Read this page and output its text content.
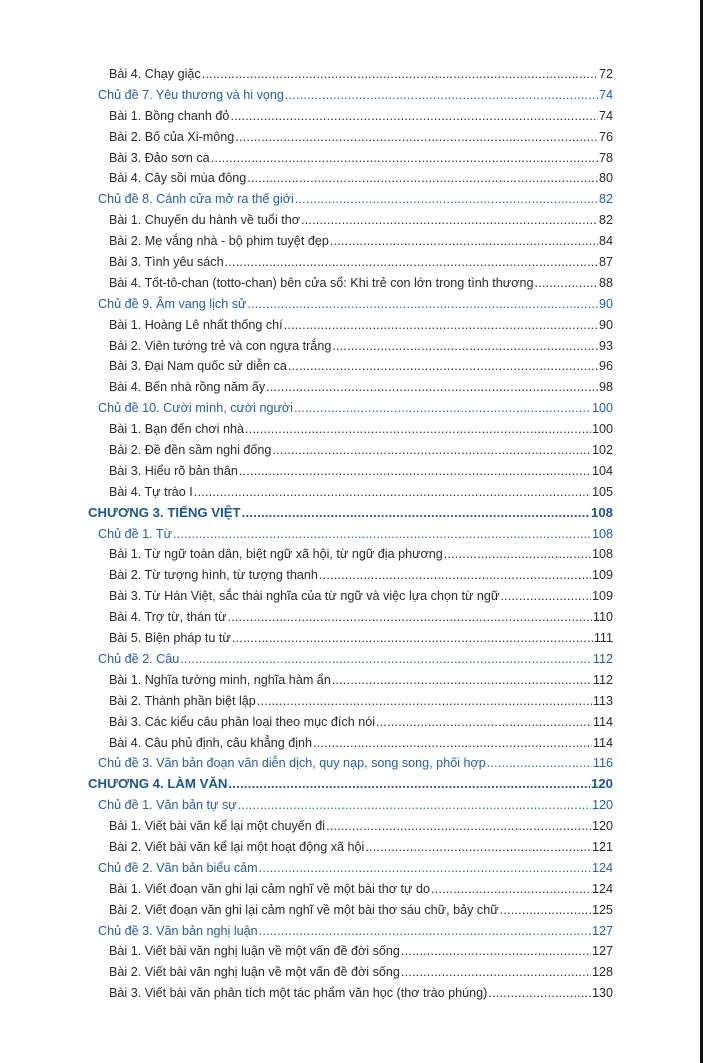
Bài 4. Chạy giặc .....	72
Chủ đề 7. Yêu thương và hi vọng .....	74
Bài 1. Bồng chanh đỏ .....	74
Bài 2. Bố của Xi-mông .....	76
Bài 3. Đảo sơn ca .....	78
Bài 4. Cây sồi mùa đông .....	80
Chủ đề 8. Cánh cửa mở ra thế giới .....	82
Bài 1. Chuyến du hành về tuổi thơ .....	82
Bài 2. Mẹ vắng nhà - bộ phim tuyệt đẹp .....	84
Bài 3. Tình yêu sách .....	87
Bài 4. Tốt-tô-chan (totto-chan) bên cửa sổ: Khi trẻ con lớn trong tình thương .....	88
Chủ đề 9. Âm vang lịch sử .....	90
Bài 1. Hoàng Lê nhất thống chí .....	90
Bài 2. Viên tướng trẻ và con ngựa trắng .....	93
Bài 3. Đại Nam quốc sử diễn ca .....	96
Bài 4. Bến nhà rồng năm ấy .....	98
Chủ đề 10. Cười mình, cười người .....	100
Bài 1. Bạn đến chơi nhà .....	100
Bài 2. Đề đền sầm nghi đống .....	102
Bài 3. Hiểu rõ bản thân .....	104
Bài 4. Tự trào I .....	105
CHƯƠNG 3. TIẾNG VIỆT .....	108
Chủ đề 1. Từ .....	108
Bài 1. Từ ngữ toàn dân, biệt ngữ xã hội, từ ngữ địa phương .....	108
Bài 2. Từ tượng hình, từ tượng thanh .....	109
Bài 3. Từ Hán Việt, sắc thái nghĩa của từ ngữ và việc lựa chọn từ ngữ .....	109
Bài 4. Trợ từ, thán từ .....	110
Bài 5. Biện pháp tu từ .....	111
Chủ đề 2. Câu .....	112
Bài 1. Nghĩa tường minh, nghĩa hàm ẩn .....	112
Bài 2. Thành phần biệt lập .....	113
Bài 3. Các kiểu câu phân loại theo mục đích nói .....	114
Bài 4. Câu phủ định, câu khẳng định .....	114
Chủ đề 3. Văn bản đoạn văn diễn dịch, quy nạp, song song, phối hợp .....	116
CHƯƠNG 4. LÀM VĂN .....	120
Chủ đề 1. Văn bản tự sự .....	120
Bài 1. Viết bài văn kể lại một chuyến đi .....	120
Bài 2. Viết bài văn kể lại một hoạt động xã hội .....	121
Chủ đề 2. Văn bản biểu cảm .....	124
Bài 1. Viết đoạn văn ghi lại cảm nghĩ về một bài thơ tự do .....	124
Bài 2. Viết đoạn văn ghi lại cảm nghĩ về một bài thơ sáu chữ, bảy chữ .....	125
Chủ đề 3. Văn bản nghị luận .....	127
Bài 1. Viết bài văn nghị luận về một vấn đề đời sống .....	127
Bài 2. Viết bài văn nghị luận về một vấn đề đời sống .....	128
Bài 3. Viết bài văn phân tích một tác phẩm văn học (thơ trào phúng) .....	130
